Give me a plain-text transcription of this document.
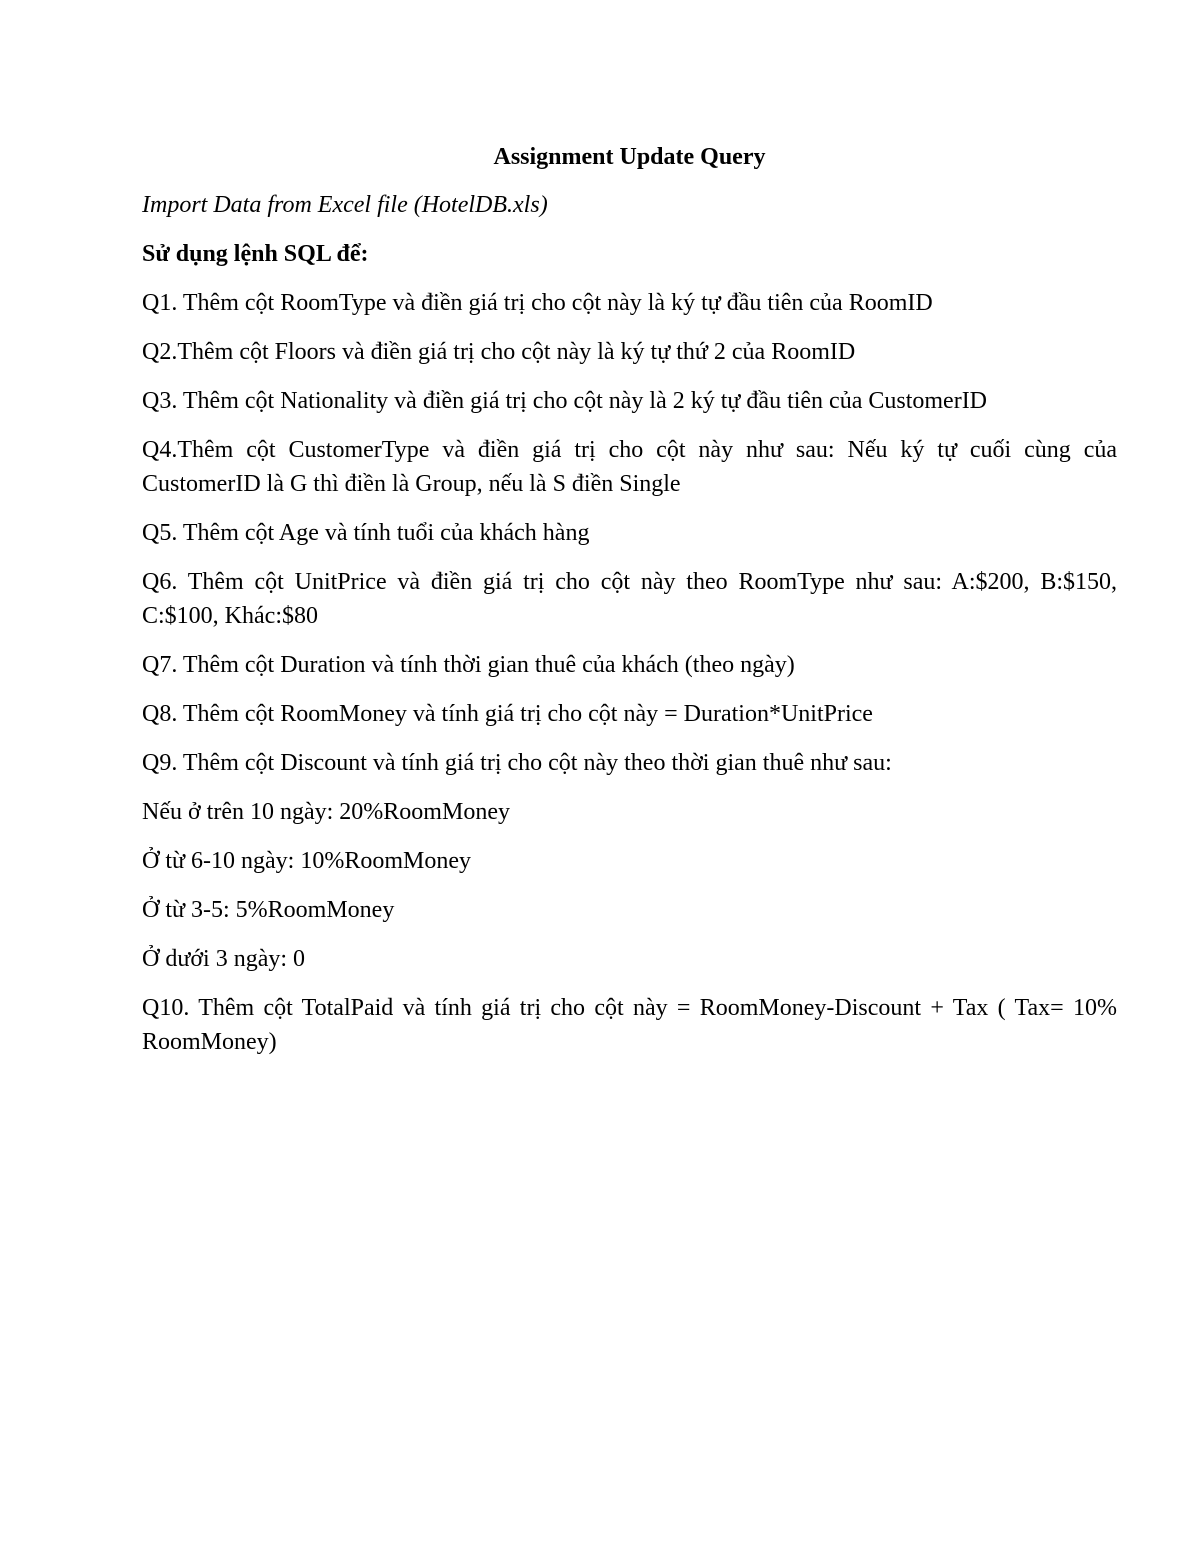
Assignment Update Query

Import Data from Excel file (HotelDB.xls)

Sử dụng lệnh SQL để:

Q1. Thêm cột RoomType và điền giá trị cho cột này là ký tự đầu tiên của RoomID

Q2.Thêm cột Floors và điền giá trị cho cột này là ký tự thứ 2 của RoomID

Q3. Thêm cột Nationality và điền giá trị cho cột này là 2 ký tự đầu tiên của CustomerID

Q4.Thêm cột CustomerType và điền giá trị cho cột này như sau: Nếu ký tự cuối cùng của CustomerID là G thì điền là Group, nếu là S điền Single

Q5. Thêm cột Age và tính tuổi của khách hàng

Q6. Thêm cột UnitPrice và điền giá trị cho cột này theo RoomType như sau: A:$200, B:$150, C:$100, Khác:$80

Q7. Thêm cột Duration và tính thời gian thuê của khách (theo ngày)

Q8. Thêm cột RoomMoney và tính giá trị cho cột này = Duration*UnitPrice

Q9. Thêm cột Discount và tính giá trị cho cột này theo thời gian thuê như sau:

Nếu ở trên 10 ngày: 20%RoomMoney

Ở từ 6-10 ngày: 10%RoomMoney

Ở từ 3-5: 5%RoomMoney

Ở dưới 3 ngày: 0

Q10. Thêm cột TotalPaid và tính giá trị cho cột này = RoomMoney-Discount + Tax ( Tax= 10% RoomMoney)
